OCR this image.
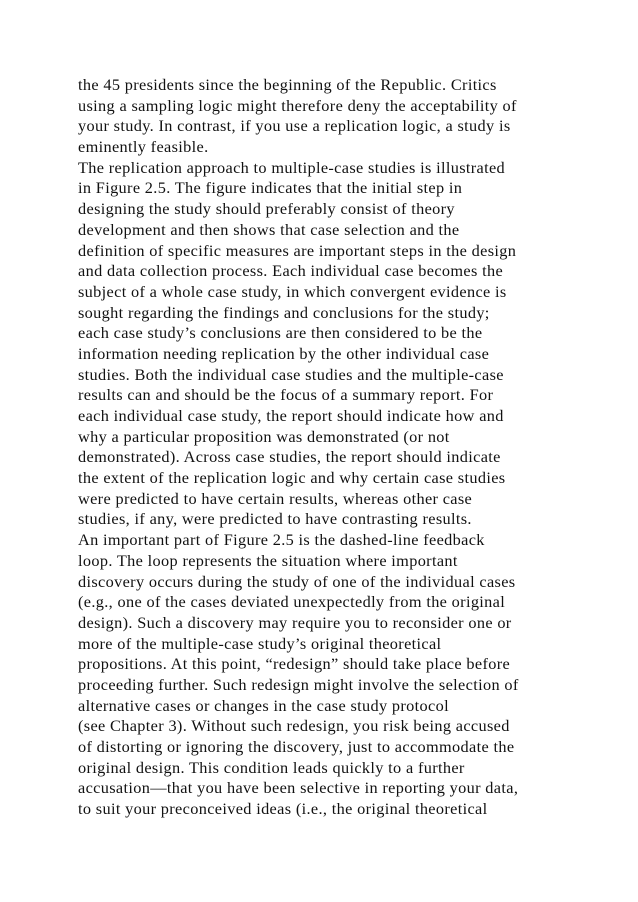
the 45 presidents since the beginning of the Republic. Critics
using a sampling logic might therefore deny the acceptability of
your study. In contrast, if you use a replication logic, a study is
eminently feasible.
The replication approach to multiple-case studies is illustrated
in Figure 2.5. The figure indicates that the initial step in
designing the study should preferably consist of theory
development and then shows that case selection and the
definition of specific measures are important steps in the design
and data collection process. Each individual case becomes the
subject of a whole case study, in which convergent evidence is
sought regarding the findings and conclusions for the study;
each case study’s conclusions are then considered to be the
information needing replication by the other individual case
studies. Both the individual case studies and the multiple-case
results can and should be the focus of a summary report. For
each individual case study, the report should indicate how and
why a particular proposition was demonstrated (or not
demonstrated). Across case studies, the report should indicate
the extent of the replication logic and why certain case studies
were predicted to have certain results, whereas other case
studies, if any, were predicted to have contrasting results.
An important part of Figure 2.5 is the dashed-line feedback
loop. The loop represents the situation where important
discovery occurs during the study of one of the individual cases
(e.g., one of the cases deviated unexpectedly from the original
design). Such a discovery may require you to reconsider one or
more of the multiple-case study’s original theoretical
propositions. At this point, “redesign” should take place before
proceeding further. Such redesign might involve the selection of
alternative cases or changes in the case study protocol
(see Chapter 3). Without such redesign, you risk being accused
of distorting or ignoring the discovery, just to accommodate the
original design. This condition leads quickly to a further
accusation—that you have been selective in reporting your data,
to suit your preconceived ideas (i.e., the original theoretical
